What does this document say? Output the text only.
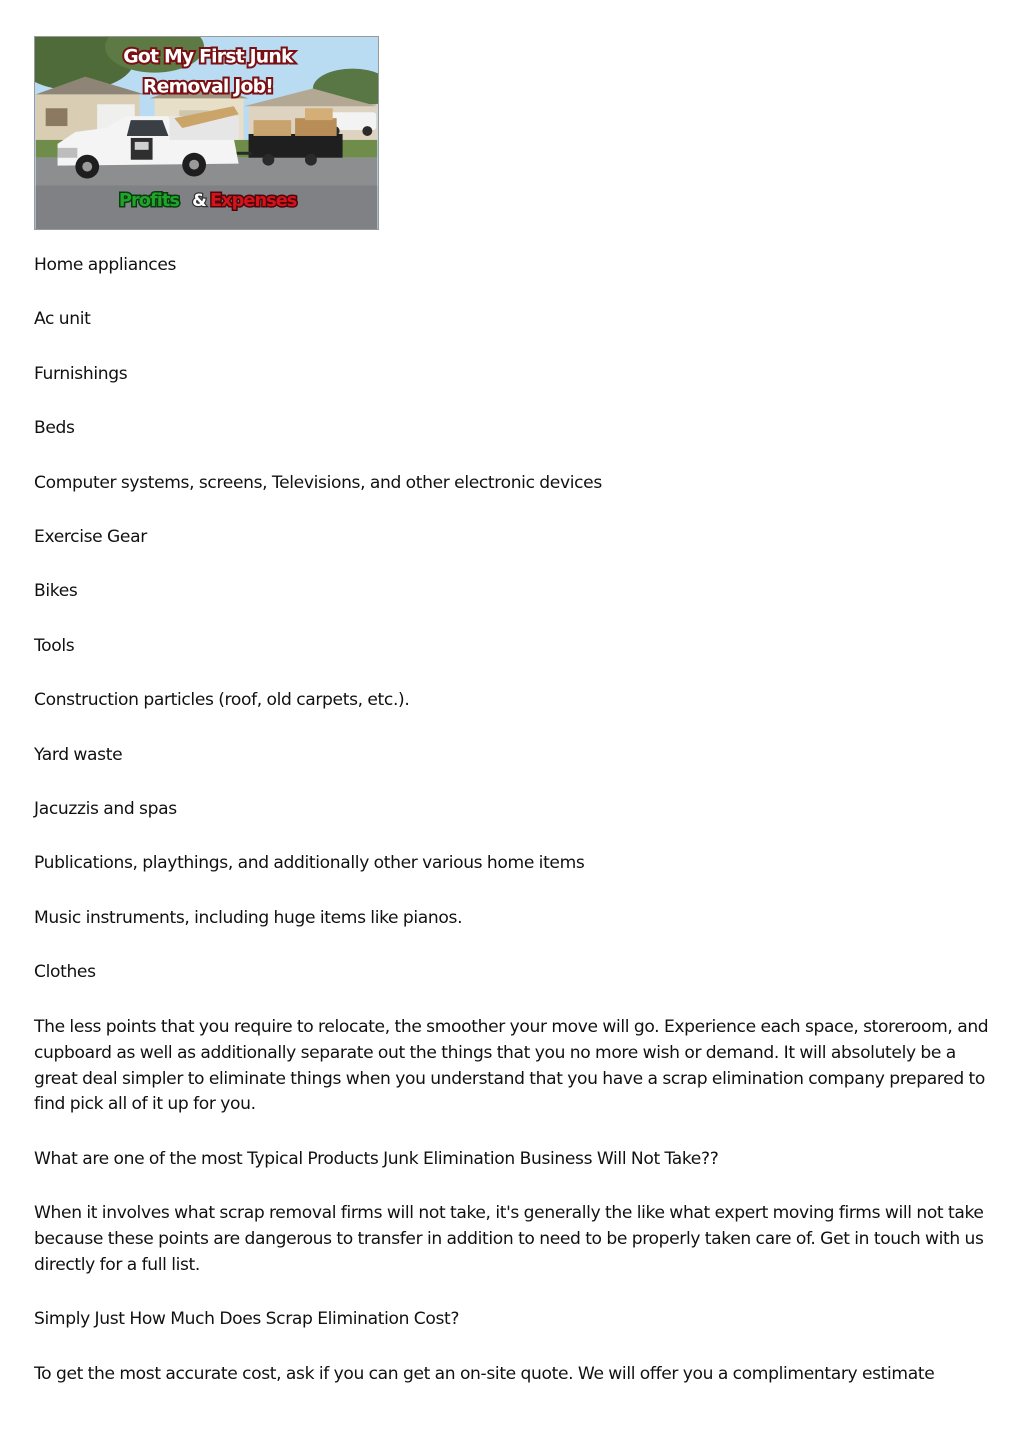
Got My First Junk
Removal Job!
Profits & Expenses

Home appliances

Ac unit

Furnishings

Beds

Computer systems, screens, Televisions, and other electronic devices

Exercise Gear

Bikes

Tools

Construction particles (roof, old carpets, etc.).

Yard waste

Jacuzzis and spas

Publications, playthings, and additionally other various home items

Music instruments, including huge items like pianos.

Clothes

The less points that you require to relocate, the smoother your move will go. Experience each space, storeroom, and cupboard as well as additionally separate out the things that you no more wish or demand. It will absolutely be a great deal simpler to eliminate things when you understand that you have a scrap elimination company prepared to find pick all of it up for you.

What are one of the most Typical Products Junk Elimination Business Will Not Take??

When it involves what scrap removal firms will not take, it's generally the like what expert moving firms will not take because these points are dangerous to transfer in addition to need to be properly taken care of. Get in touch with us directly for a full list.

Simply Just How Much Does Scrap Elimination Cost?

To get the most accurate cost, ask if you can get an on-site quote. We will offer you a complimentary estimate
